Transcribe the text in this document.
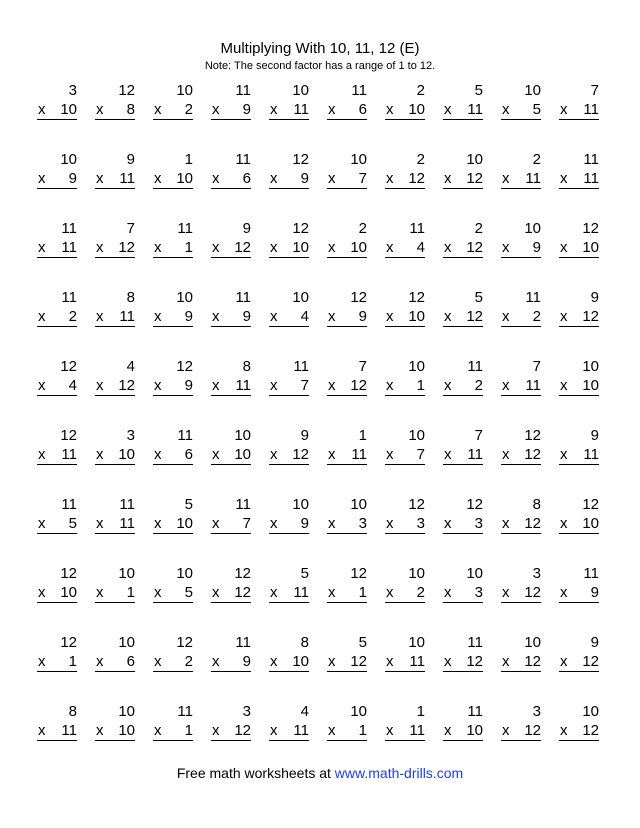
Multiplying With 10, 11, 12 (E)
Note: The second factor has a range of 1 to 12.
3
x 10
12
x 8
10
x 2
11
x 9
10
x 11
11
x 6
2
x 10
5
x 11
10
x 5
7
x 11
10
x 9
9
x 11
1
x 10
11
x 6
12
x 9
10
x 7
2
x 12
10
x 12
2
x 11
11
x 11
11
x 11
7
x 12
11
x 1
9
x 12
12
x 10
2
x 10
11
x 4
2
x 12
10
x 9
12
x 10
11
x 2
8
x 11
10
x 9
11
x 9
10
x 4
12
x 9
12
x 10
5
x 12
11
x 2
9
x 12
12
x 4
4
x 12
12
x 9
8
x 11
11
x 7
7
x 12
10
x 1
11
x 2
7
x 11
10
x 10
12
x 11
3
x 10
11
x 6
10
x 10
9
x 12
1
x 11
10
x 7
7
x 11
12
x 12
9
x 11
11
x 5
11
x 11
5
x 10
11
x 7
10
x 9
10
x 3
12
x 3
12
x 3
8
x 12
12
x 10
12
x 10
10
x 1
10
x 5
12
x 12
5
x 11
12
x 1
10
x 2
10
x 3
3
x 12
11
x 9
12
x 1
10
x 6
12
x 2
11
x 9
8
x 10
5
x 12
10
x 11
11
x 12
10
x 12
9
x 12
8
x 11
10
x 10
11
x 1
3
x 12
4
x 11
10
x 1
1
x 11
11
x 10
3
x 12
10
x 12
Free math worksheets at www.math-drills.com
